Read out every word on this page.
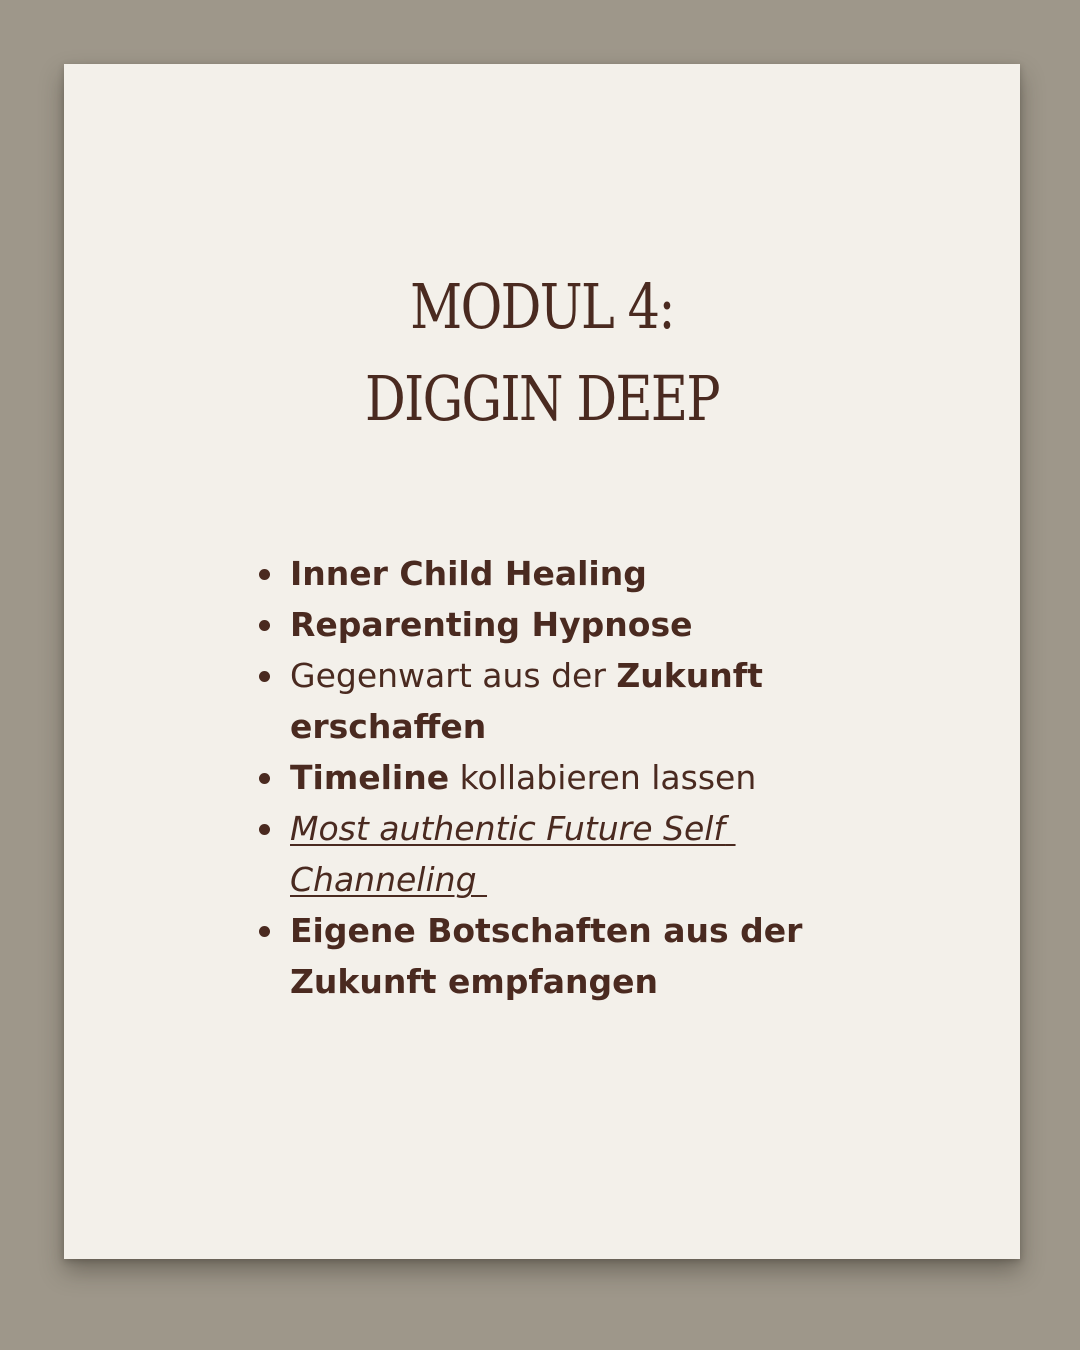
MODUL 4:
DIGGIN DEEP
Inner Child Healing
Reparenting Hypnose
Gegenwart aus der Zukunft erschaffen
Timeline kollabieren lassen
Most authentic Future Self Channeling
Eigene Botschaften aus der Zukunft empfangen
